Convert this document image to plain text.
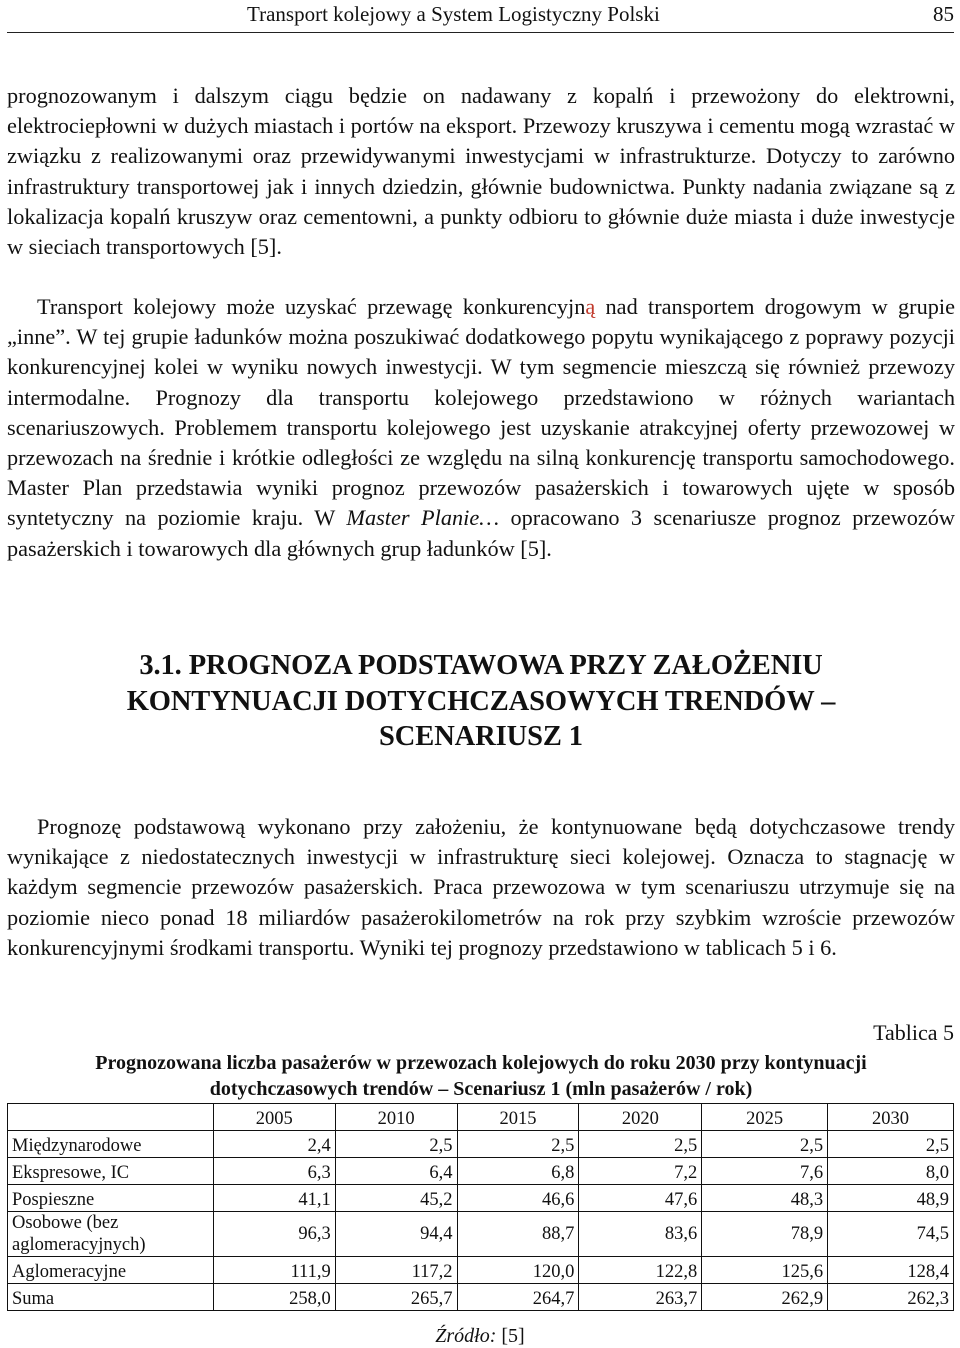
Transport kolejowy a System Logistyczny Polski	85

prognozowanym i dalszym ciągu będzie on nadawany z kopalń i przewożony do elektrowni, elektrociepłowni w dużych miastach i portów na eksport. Przewozy kruszywa i cementu mogą wzrastać w związku z realizowanymi oraz przewidywanymi inwestycjami w infrastrukturze. Dotyczy to zarówno infrastruktury transportowej jak i innych dziedzin, głównie budownictwa. Punkty nadania związane są z lokalizacja kopalń kruszyw oraz cementowni, a punkty odbioru to głównie duże miasta i duże inwestycje w sieciach transportowych [5].

Transport kolejowy może uzyskać przewagę konkurencyjną nad transportem drogowym w grupie „inne”. W tej grupie ładunków można poszukiwać dodatkowego popytu wynikającego z poprawy pozycji konkurencyjnej kolei w wyniku nowych inwestycji. W tym segmencie mieszczą się również przewozy intermodalne. Prognozy dla transportu kolejowego przedstawiono w różnych wariantach scenariuszowych. Problemem transportu kolejowego jest uzyskanie atrakcyjnej oferty przewozowej w przewozach na średnie i krótkie odległości ze względu na silną konkurencję transportu samochodowego. Master Plan przedstawia wyniki prognoz przewozów pasażerskich i towarowych ujęte w sposób syntetyczny na poziomie kraju. W Master Planie… opracowano 3 scenariusze prognoz przewozów pasażerskich i towarowych dla głównych grup ładunków [5].

3.1. PROGNOZA PODSTAWOWA PRZY ZAŁOŻENIU
KONTYNUACJI DOTYCHCZASOWYCH TRENDÓW –
SCENARIUSZ 1

Prognozę podstawową wykonano przy założeniu, że kontynuowane będą dotychczasowe trendy wynikające z niedostatecznych inwestycji w infrastrukturę sieci kolejowej. Oznacza to stagnację w każdym segmencie przewozów pasażerskich. Praca przewozowa w tym scenariuszu utrzymuje się na poziomie nieco ponad 18 miliardów pasażerokilometrów na rok przy szybkim wzroście przewozów konkurencyjnymi środkami transportu. Wyniki tej prognozy przedstawiono w tablicach 5 i 6.

Tablica 5
Prognozowana liczba pasażerów w przewozach kolejowych do roku 2030 przy kontynuacji
dotychczasowych trendów – Scenariusz 1 (mln pasażerów / rok)
	2005	2010	2015	2020	2025	2030
Międzynarodowe	2,4	2,5	2,5	2,5	2,5	2,5
Ekspresowe, IC	6,3	6,4	6,8	7,2	7,6	8,0
Pospieszne	41,1	45,2	46,6	47,6	48,3	48,9

Osobowe (bez
aglomeracyjnych)	96,3	94,4	88,7	83,6	78,9	74,5
Aglomeracyjne	111,9	117,2	120,0	122,8	125,6	128,4
Suma	258,0	265,7	264,7	263,7	262,9	262,3
Źródło: [5]
